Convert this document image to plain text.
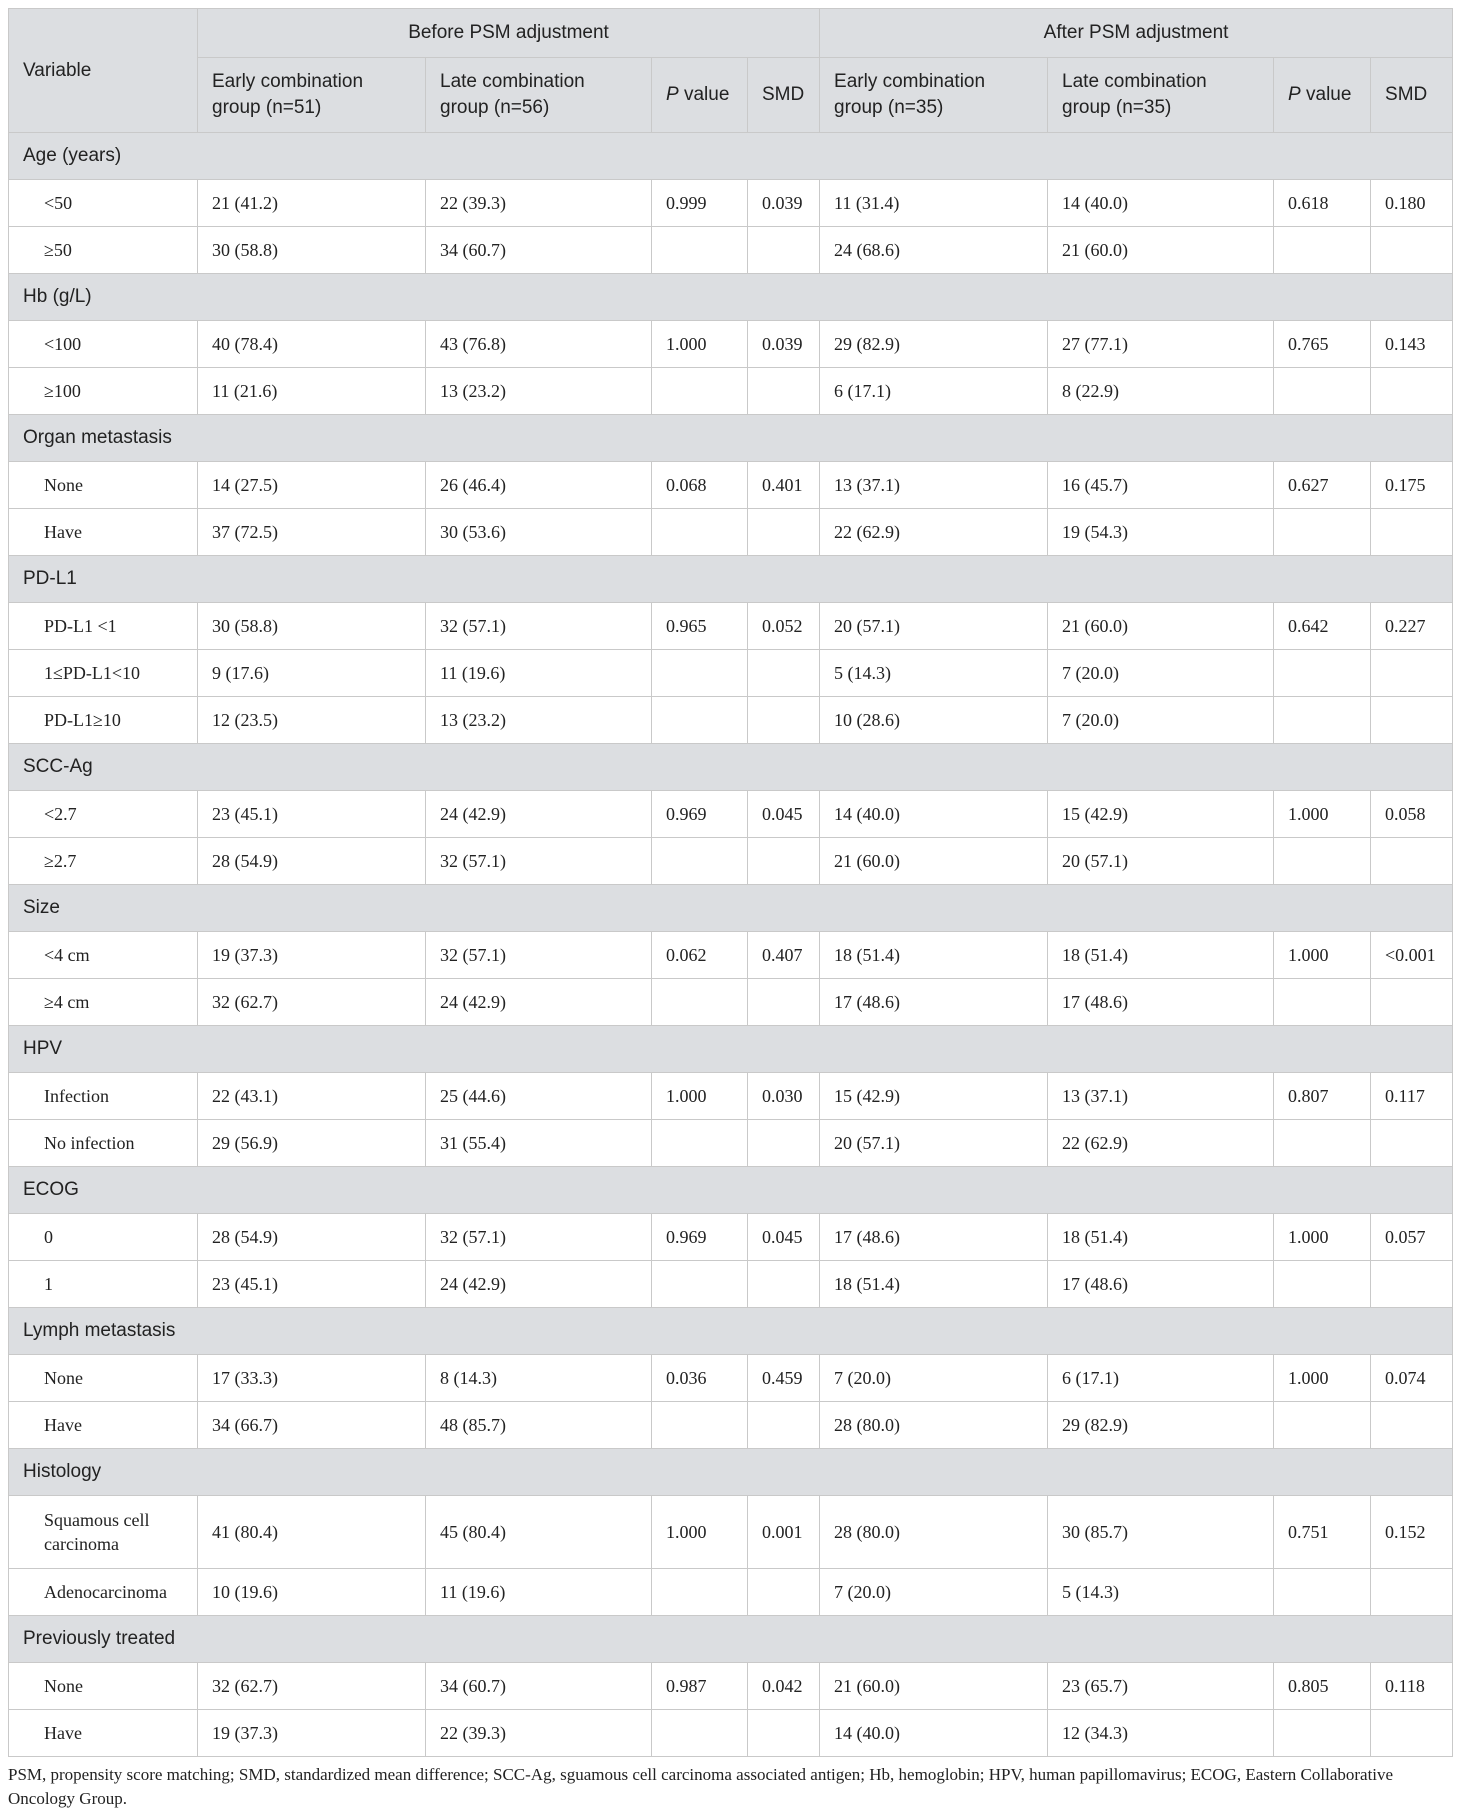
Variable	Before PSM adjustment				After PSM adjustment			
	Early combination group (n=51)	Late combination group (n=56)	P value	SMD	Early combination group (n=35)	Late combination group (n=35)	P value	SMD
Age (years)								
<50	21 (41.2)	22 (39.3)	0.999	0.039	11 (31.4)	14 (40.0)	0.618	0.180
≥50	30 (58.8)	34 (60.7)			24 (68.6)	21 (60.0)		
Hb (g/L)								
<100	40 (78.4)	43 (76.8)	1.000	0.039	29 (82.9)	27 (77.1)	0.765	0.143
≥100	11 (21.6)	13 (23.2)			6 (17.1)	8 (22.9)		
Organ metastasis								
None	14 (27.5)	26 (46.4)	0.068	0.401	13 (37.1)	16 (45.7)	0.627	0.175
Have	37 (72.5)	30 (53.6)			22 (62.9)	19 (54.3)		
PD-L1								
PD-L1 <1	30 (58.8)	32 (57.1)	0.965	0.052	20 (57.1)	21 (60.0)	0.642	0.227
1≤PD-L1<10	9 (17.6)	11 (19.6)			5 (14.3)	7 (20.0)		
PD-L1≥10	12 (23.5)	13 (23.2)			10 (28.6)	7 (20.0)		
SCC-Ag								
<2.7	23 (45.1)	24 (42.9)	0.969	0.045	14 (40.0)	15 (42.9)	1.000	0.058
≥2.7	28 (54.9)	32 (57.1)			21 (60.0)	20 (57.1)		
Size								
<4 cm	19 (37.3)	32 (57.1)	0.062	0.407	18 (51.4)	18 (51.4)	1.000	<0.001
≥4 cm	32 (62.7)	24 (42.9)			17 (48.6)	17 (48.6)		
HPV								
Infection	22 (43.1)	25 (44.6)	1.000	0.030	15 (42.9)	13 (37.1)	0.807	0.117
No infection	29 (56.9)	31 (55.4)			20 (57.1)	22 (62.9)		
ECOG								
0	28 (54.9)	32 (57.1)	0.969	0.045	17 (48.6)	18 (51.4)	1.000	0.057
1	23 (45.1)	24 (42.9)			18 (51.4)	17 (48.6)		
Lymph metastasis								
None	17 (33.3)	8 (14.3)	0.036	0.459	7 (20.0)	6 (17.1)	1.000	0.074
Have	34 (66.7)	48 (85.7)			28 (80.0)	29 (82.9)		
Histology								
Squamous cell carcinoma	41 (80.4)	45 (80.4)	1.000	0.001	28 (80.0)	30 (85.7)	0.751	0.152
Adenocarcinoma	10 (19.6)	11 (19.6)			7 (20.0)	5 (14.3)		
Previously treated								
None	32 (62.7)	34 (60.7)	0.987	0.042	21 (60.0)	23 (65.7)	0.805	0.118
Have	19 (37.3)	22 (39.3)			14 (40.0)	12 (34.3)		
PSM, propensity score matching; SMD, standardized mean difference; SCC-Ag, sguamous cell carcinoma associated antigen; Hb, hemoglobin; HPV, human papillomavirus; ECOG, Eastern Collaborative Oncology Group.
